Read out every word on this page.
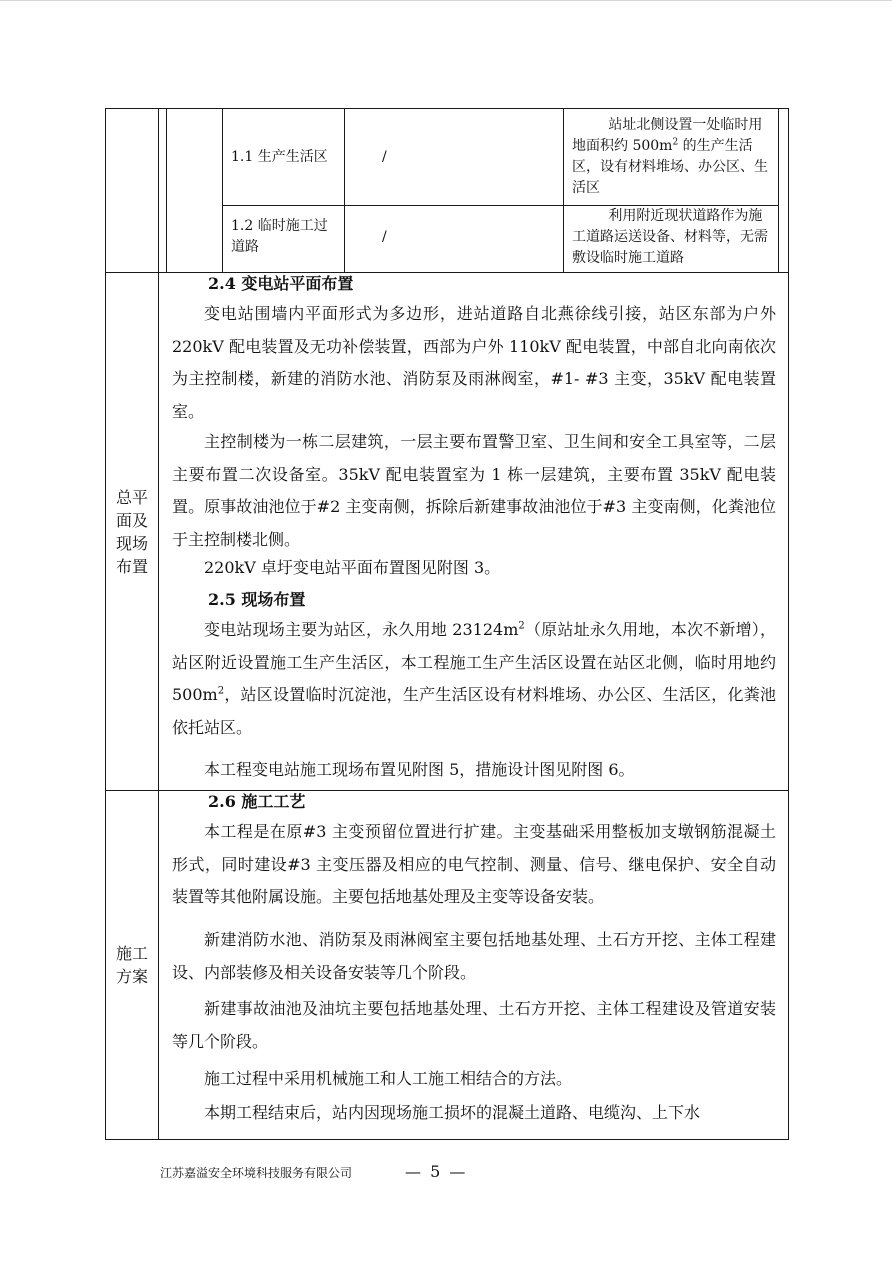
1.1 生产生活区	/
站址北侧设置一处临时用地面积约 $500m^2$ 的生产生活区，设有材料堆场、办公区、生活区
1.2 临时施工过道路
/
利用附近现状道路作为施工道路运送设备、材料等，无需敷设临时施工道路
总平面及现场布置
2.4 变电站平面布置
变电站围墙内平面形式为多边形，进站道路自北燕徐线引接，站区东部为户外 220kV 配电装置及无功补偿装置，西部为户外 110kV 配电装置，中部自北向南依次为主控制楼，新建的消防水池、消防泵及雨淋阀室，#1- #3 主变，35kV 配电装置室。
主控制楼为一栋二层建筑，一层主要布置警卫室、卫生间和安全工具室等，二层主要布置二次设备室。35kV 配电装置室为 1 栋一层建筑，主要布置 35kV 配电装置。原事故油池位于#2 主变南侧，拆除后新建事故油池位于#3 主变南侧，化粪池位于主控制楼北侧。
220kV 卓圩变电站平面布置图见附图 3。
2.5 现场布置
变电站现场主要为站区，永久用地 $23124m^2$（原站址永久用地，本次不新增），站区附近设置施工生产生活区，本工程施工生产生活区设置在站区北侧，临时用地约 $500m^2$，站区设置临时沉淀池，生产生活区设有材料堆场、办公区、生活区，化粪池依托站区。
本工程变电站施工现场布置见附图 5，措施设计图见附图 6。
施工方案
2.6 施工工艺
本工程是在原#3 主变预留位置进行扩建。主变基础采用整板加支墩钢筋混凝土形式，同时建设#3 主变压器及相应的电气控制、测量、信号、继电保护、安全自动装置等其他附属设施。主要包括地基处理及主变等设备安装。
新建消防水池、消防泵及雨淋阀室主要包括地基处理、土石方开挖、主体工程建设、内部装修及相关设备安装等几个阶段。
新建事故油池及油坑主要包括地基处理、土石方开挖、主体工程建设及管道安装等几个阶段。
施工过程中采用机械施工和人工施工相结合的方法。
本期工程结束后，站内因现场施工损坏的混凝土道路、电缆沟、上下水
江苏嘉溢安全环境科技服务有限公司	— 5 —
